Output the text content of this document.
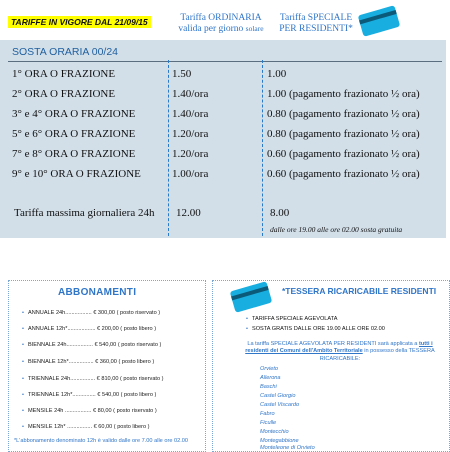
TARIFFE IN VIGORE DAL 21/09/15	Tariffa ORDINARIA
valida per giorno solare
Tariffa SPECIALE
PER RESIDENTI*
SOSTA ORARIA 00/24
1° ORA O FRAZIONE	1.50	1.00
2° ORA O FRAZIONE	1.40/ora	1.00 (pagamento frazionato ½ ora)
3° e 4° ORA O FRAZIONE	1.40/ora	0.80 (pagamento frazionato ½ ora)
5° e 6° ORA O FRAZIONE	1.20/ora	0.80 (pagamento frazionato ½ ora)
7° e 8° ORA O FRAZIONE	1.20/ora	0.60 (pagamento frazionato ½ ora)
9° e 10° ORA O FRAZIONE	1.00/ora	0.60 (pagamento frazionato ½ ora)
Tariffa massima giornaliera 24h 12.00	8.00
dalle ore 19.00 alle ore 02.00 sosta gratuita
ABBONAMENTI
• ANNUALE 24h................. € 300,00 ( posto riservato )
• ANNUALE 12h*.................. € 200,00 ( posto libero )
• BIENNALE 24h................. € 540,00 ( posto riservato )
• BIENNALE 12h*................ € 360,00 ( posto libero )
• TRIENNALE 24h................ € 810,00 ( posto riservato )
• TRIENNALE 12h*............... € 540,00 ( posto libero )
• MENSILE 24h ................. € 80,00 ( posto riservato )
• MENSILE 12h* ................ € 60,00 ( posto libero )
*L'abbonamento denominato 12h è valido dalle ore 7.00 alle ore 02.00
*TESSERA RICARICABILE RESIDENTI
• TARIFFA SPECIALE AGEVOLATA
• SOSTA GRATIS DALLE ORE 19.00 ALLE ORE 02.00
La tariffa SPECIALE AGEVOLATA PER RESIDENTI sarà applicata a tutti i residenti dei Comuni dell'Ambito Territoriale in possesso della TESSERA RICARICABILE:
Orvieto
Allerona
Baschi
Castel Giorgio
Castel Viscardo
Fabro
Ficulle
Montecchio
Montegabbione
Monteleone di Orvieto
